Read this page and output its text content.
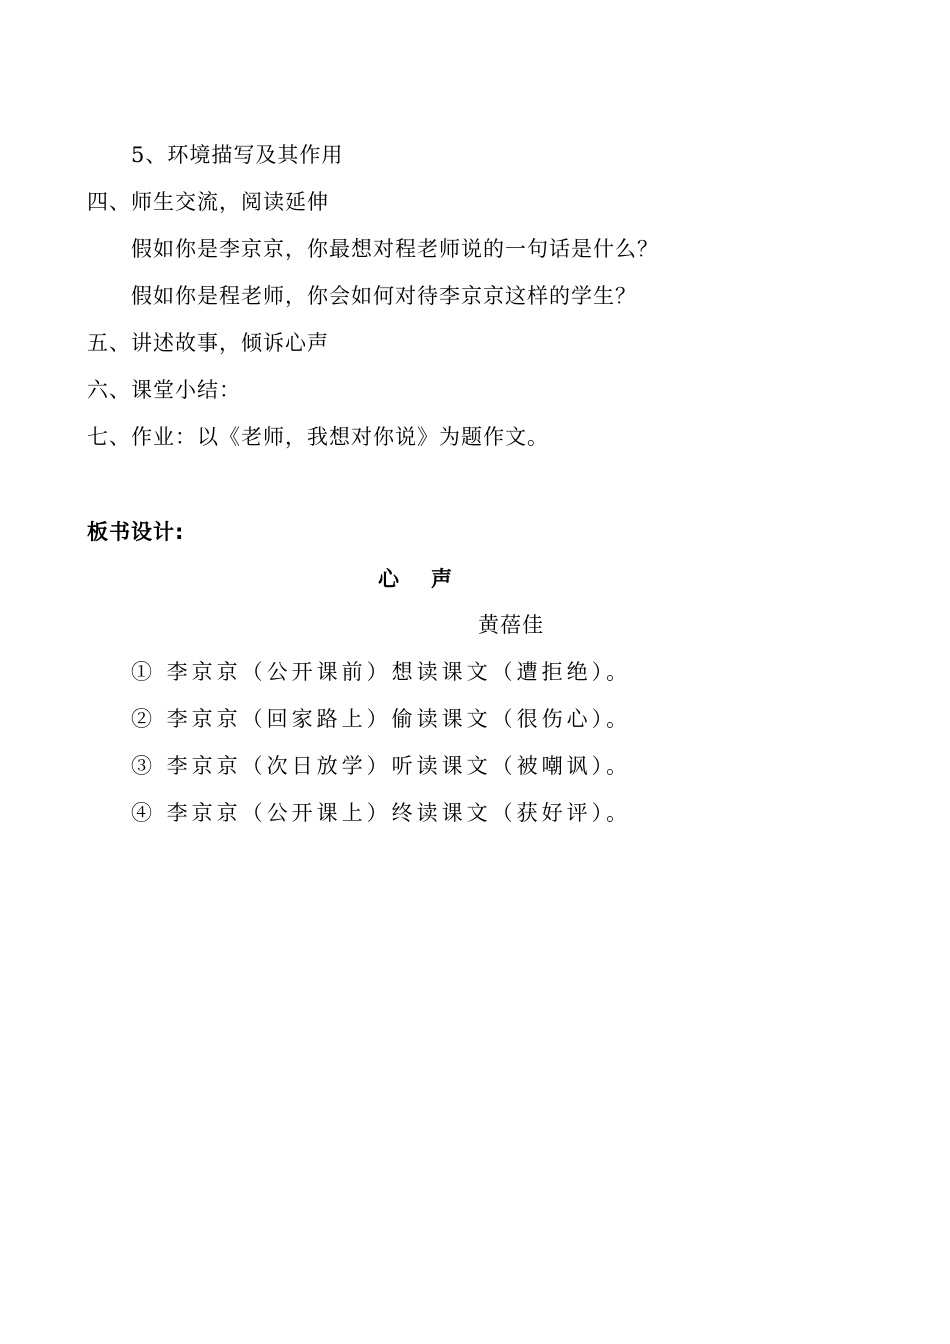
5、环境描写及其作用
四、师生交流，阅读延伸
假如你是李京京，你最想对程老师说的一句话是什么？
假如你是程老师，你会如何对待李京京这样的学生？
五、讲述故事，倾诉心声
六、课堂小结：
七、作业：以《老师，我想对你说》为题作文。
板书设计:
心声
黄蓓佳
① 李京京（公开课前）想读课文（遭拒绝）。
② 李京京（回家路上）偷读课文（很伤心）。
③ 李京京（次日放学）听读课文（被嘲讽）。
④ 李京京（公开课上）终读课文（获好评）。
